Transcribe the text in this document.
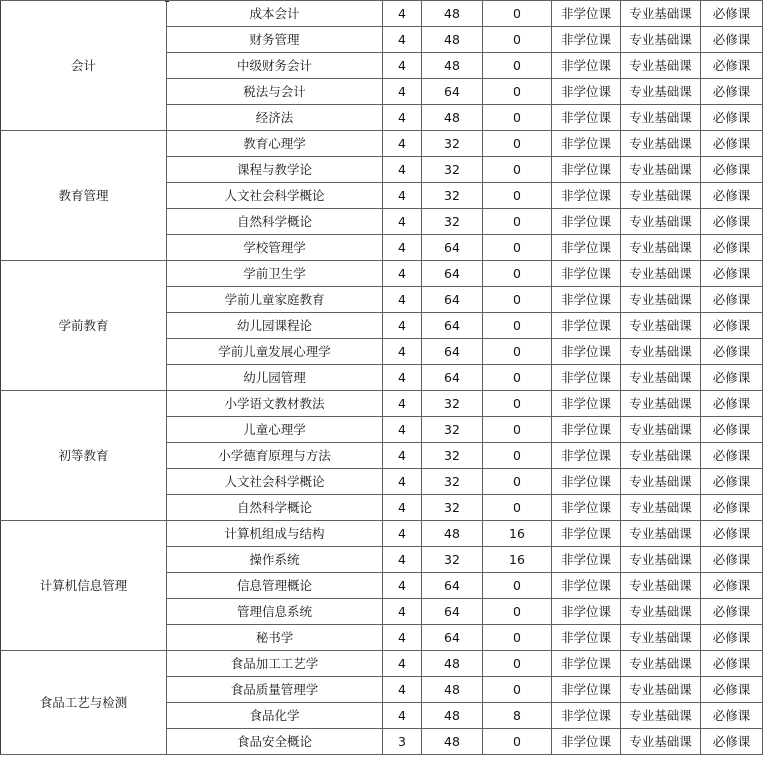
会计	成本会计	4	48	0	非学位课	专业基础课	必修课
	财务管理	4	48	0	非学位课	专业基础课	必修课
	中级财务会计	4	48	0	非学位课	专业基础课	必修课
	税法与会计	4	64	0	非学位课	专业基础课	必修课
	经济法	4	48	0	非学位课	专业基础课	必修课
教育管理	教育心理学	4	32	0	非学位课	专业基础课	必修课
	课程与教学论	4	32	0	非学位课	专业基础课	必修课
	人文社会科学概论	4	32	0	非学位课	专业基础课	必修课
	自然科学概论	4	32	0	非学位课	专业基础课	必修课
	学校管理学	4	64	0	非学位课	专业基础课	必修课
学前教育	学前卫生学	4	64	0	非学位课	专业基础课	必修课
	学前儿童家庭教育	4	64	0	非学位课	专业基础课	必修课
	幼儿园课程论	4	64	0	非学位课	专业基础课	必修课
	学前儿童发展心理学	4	64	0	非学位课	专业基础课	必修课
	幼儿园管理	4	64	0	非学位课	专业基础课	必修课
初等教育	小学语文教材教法	4	32	0	非学位课	专业基础课	必修课
	儿童心理学	4	32	0	非学位课	专业基础课	必修课
	小学德育原理与方法	4	32	0	非学位课	专业基础课	必修课
	人文社会科学概论	4	32	0	非学位课	专业基础课	必修课
	自然科学概论	4	32	0	非学位课	专业基础课	必修课
计算机信息管理	计算机组成与结构	4	48	16	非学位课	专业基础课	必修课
	操作系统	4	32	16	非学位课	专业基础课	必修课
	信息管理概论	4	64	0	非学位课	专业基础课	必修课
	管理信息系统	4	64	0	非学位课	专业基础课	必修课
	秘书学	4	64	0	非学位课	专业基础课	必修课
食品工艺与检测	食品加工工艺学	4	48	0	非学位课	专业基础课	必修课
	食品质量管理学	4	48	0	非学位课	专业基础课	必修课
	食品化学	4	48	8	非学位课	专业基础课	必修课
	食品安全概论	3	48	0	非学位课	专业基础课	必修课
